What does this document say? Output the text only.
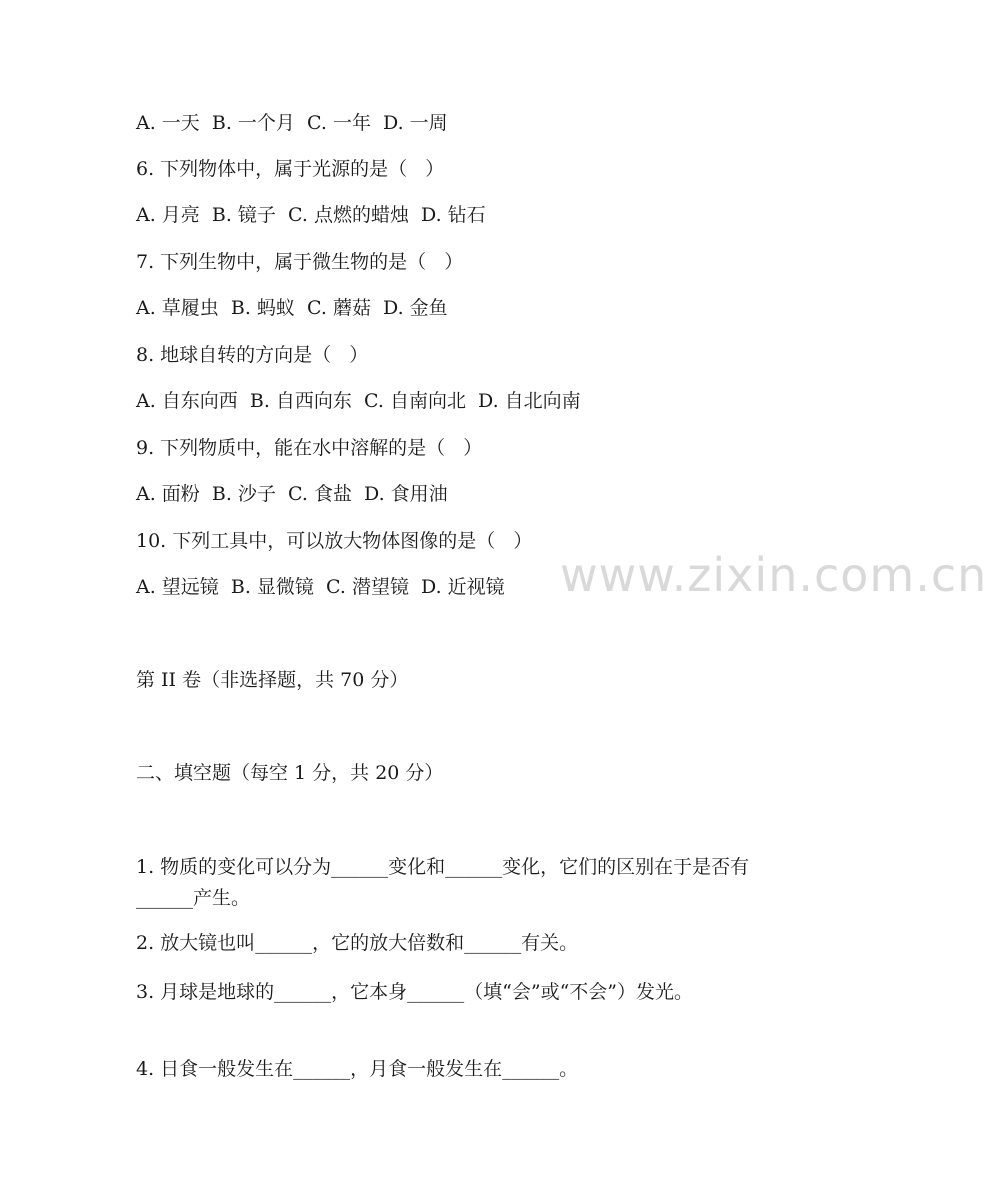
www.zixin.com.cn
A. 一天  B. 一个月  C. 一年  D. 一周
6. 下列物体中，属于光源的是（   ）
A. 月亮  B. 镜子  C. 点燃的蜡烛  D. 钻石
7. 下列生物中，属于微生物的是（   ）
A. 草履虫  B. 蚂蚁  C. 蘑菇  D. 金鱼
8. 地球自转的方向是（   ）
A. 自东向西  B. 自西向东  C. 自南向北  D. 自北向南
9. 下列物质中，能在水中溶解的是（   ）
A. 面粉  B. 沙子  C. 食盐  D. 食用油
10. 下列工具中，可以放大物体图像的是（   ）
A. 望远镜  B. 显微镜  C. 潜望镜  D. 近视镜
第 II 卷（非选择题，共 70 分）
二、填空题（每空 1 分，共 20 分）
1. 物质的变化可以分为______变化和______变化，它们的区别在于是否有______产生。
2. 放大镜也叫______，它的放大倍数和______有关。
3. 月球是地球的______，它本身______（填“会”或“不会”）发光。
4. 日食一般发生在______，月食一般发生在______。
